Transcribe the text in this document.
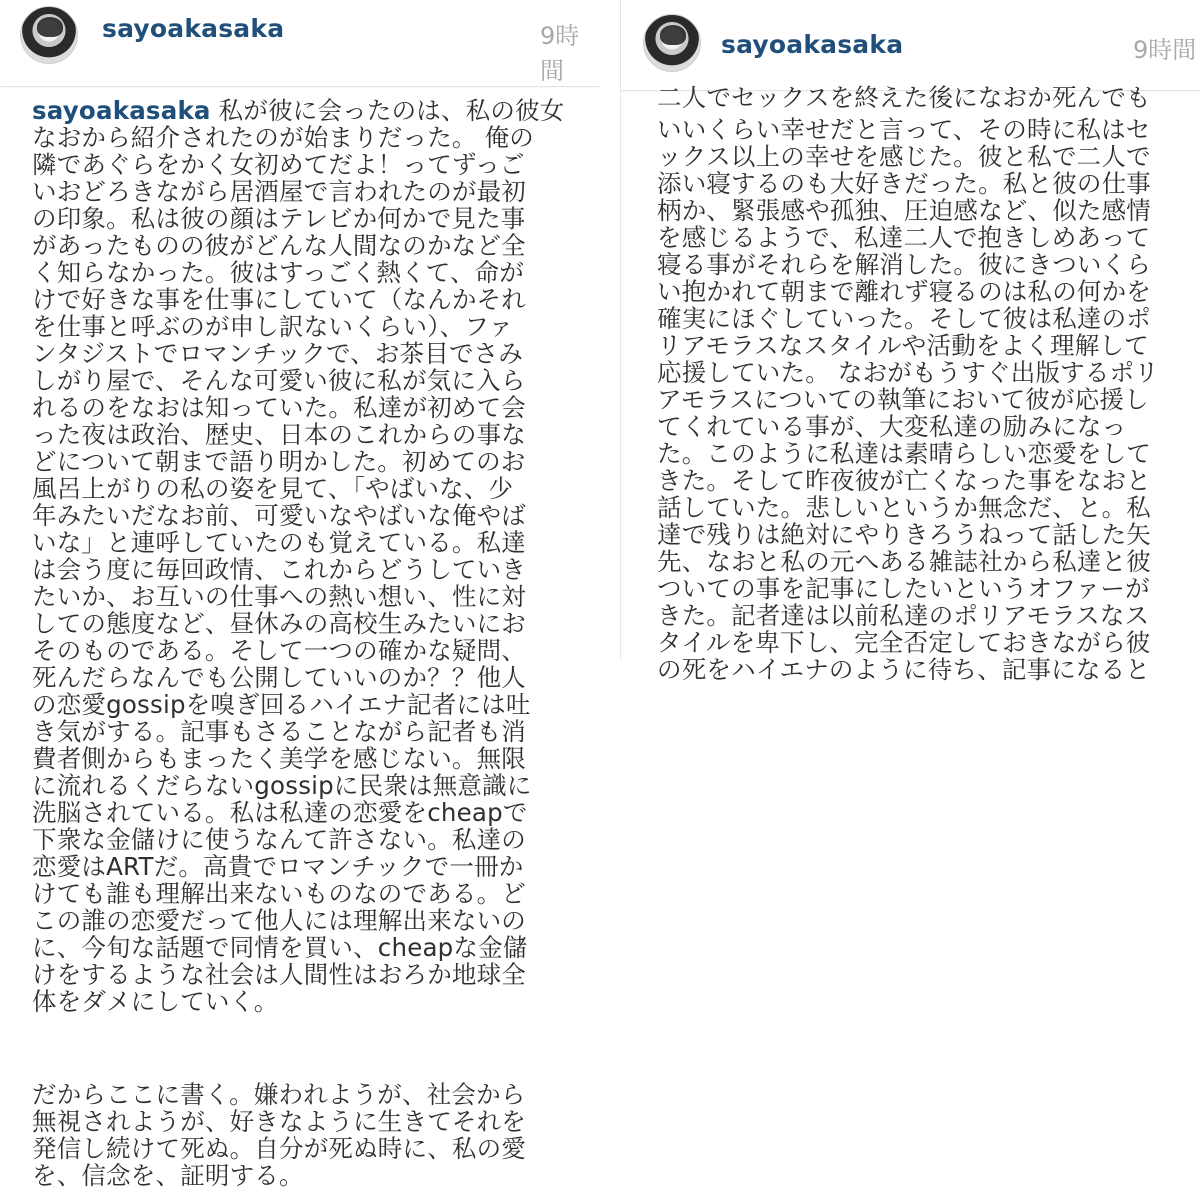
sayoakasaka	9時間
sayoakasaka 私が彼に会ったのは、私の彼女
なおから紹介されたのが始まりだった。 俺の
隣であぐらをかく女初めてだよ！ってずっご
いおどろきながら居酒屋で言われたのが最初
の印象。私は彼の顔はテレビか何かで見た事
があったものの彼がどんな人間なのかなど全
く知らなかった。彼はすっごく熱くて、命が
けで好きな事を仕事にしていて（なんかそれ
を仕事と呼ぶのが申し訳ないくらい）、ファ
ンタジストでロマンチックで、お茶目でさみ
しがり屋で、そんな可愛い彼に私が気に入ら
れるのをなおは知っていた。私達が初めて会
った夜は政治、歴史、日本のこれからの事な
どについて朝まで語り明かした。初めてのお
風呂上がりの私の姿を見て、「やばいな、少
年みたいだなお前、可愛いなやばいな俺やば
いな」と連呼していたのも覚えている。私達
は会う度に毎回政情、これからどうしていき
たいか、お互いの仕事への熱い想い、性に対
しての態度など、昼休みの高校生みたいにお
そのものである。そして一つの確かな疑問、
死んだらなんでも公開していいのか？？他人
の恋愛gossipを嗅ぎ回るハイエナ記者には吐
き気がする。記事もさることながら記者も消
費者側からもまったく美学を感じない。無限
に流れるくだらないgossipに民衆は無意識に
洗脳されている。私は私達の恋愛をcheapで
下衆な金儲けに使うなんて許さない。私達の
恋愛はARTだ。高貴でロマンチックで一冊か
けても誰も理解出来ないものなのである。ど
この誰の恋愛だって他人には理解出来ないの
に、今旬な話題で同情を買い、cheapな金儲
けをするような社会は人間性はおろか地球全
体をダメにしていく。
だからここに書く。嫌われようが、社会から
無視されようが、好きなように生きてそれを
発信し続けて死ぬ。自分が死ぬ時に、私の愛
を、信念を、証明する。
sayoakasaka	9時間
二人でセックスを終えた後になおか死んでも
いいくらい幸せだと言って、その時に私はセ
ックス以上の幸せを感じた。彼と私で二人で
添い寝するのも大好きだった。私と彼の仕事
柄か、緊張感や孤独、圧迫感など、似た感情
を感じるようで、私達二人で抱きしめあって
寝る事がそれらを解消した。彼にきついくら
い抱かれて朝まで離れず寝るのは私の何かを
確実にほぐしていった。そして彼は私達のポ
リアモラスなスタイルや活動をよく理解して
応援していた。 なおがもうすぐ出版するポリ
アモラスについての執筆において彼が応援し
てくれている事が、大変私達の励みになっ
た。このように私達は素晴らしい恋愛をして
きた。そして昨夜彼が亡くなった事をなおと
話していた。悲しいというか無念だ、と。私
達で残りは絶対にやりきろうねって話した矢
先、なおと私の元へある雑誌社から私達と彼
ついての事を記事にしたいというオファーが
きた。記者達は以前私達のポリアモラスなス
タイルを卑下し、完全否定しておきながら彼
の死をハイエナのように待ち、記事になると
